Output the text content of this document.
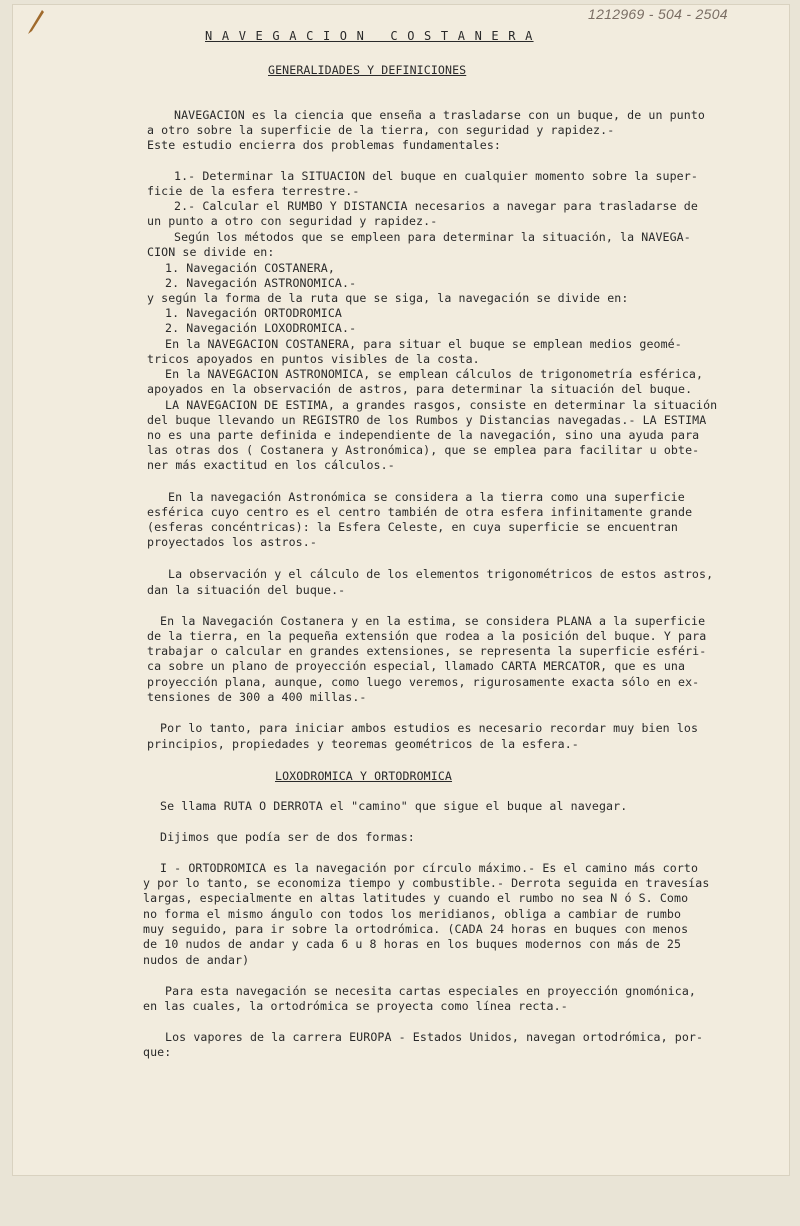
1212969 - 504 - 2504
N A V E G A C I O N   C O S T A N E R A
GENERALIDADES Y DEFINICIONES
NAVEGACION es la ciencia que enseña a trasladarse con un buque, de un punto
a otro sobre la superficie de la tierra, con seguridad y rapidez.-
Este estudio encierra dos problemas fundamentales:
1.- Determinar la SITUACION del buque en cualquier momento sobre la super-
ficie de la esfera terrestre.-
2.- Calcular el RUMBO Y DISTANCIA necesarios a navegar para trasladarse de
un punto a otro con seguridad y rapidez.-
Según los métodos que se empleen para determinar la situación, la NAVEGA-
CION se divide en:
1. Navegación COSTANERA,
2. Navegación ASTRONOMICA.-
y según la forma de la ruta que se siga, la navegación se divide en:
1. Navegación ORTODROMICA
2. Navegación LOXODROMICA.-
En la NAVEGACION COSTANERA, para situar el buque se emplean medios geomé-
tricos apoyados en puntos visibles de la costa.
En la NAVEGACION ASTRONOMICA, se emplean cálculos de trigonometría esférica,
apoyados en la observación de astros, para determinar la situación del buque.
LA NAVEGACION DE ESTIMA, a grandes rasgos, consiste en determinar la situación
del buque llevando un REGISTRO de los Rumbos y Distancias navegadas.- LA ESTIMA
no es una parte definida e independiente de la navegación, sino una ayuda para
las otras dos ( Costanera y Astronómica), que se emplea para facilitar u obte-
ner más exactitud en los cálculos.-
En la navegación Astronómica se considera a la tierra como una superficie
esférica cuyo centro es el centro también de otra esfera infinitamente grande
(esferas concéntricas): la Esfera Celeste, en cuya superficie se encuentran
proyectados los astros.-
La observación y el cálculo de los elementos trigonométricos de estos astros,
dan la situación del buque.-
En la Navegación Costanera y en la estima, se considera PLANA a la superficie
de la tierra, en la pequeña extensión que rodea a la posición del buque. Y para
trabajar o calcular en grandes extensiones, se representa la superficie esféri-
ca sobre un plano de proyección especial, llamado CARTA MERCATOR, que es una
proyección plana, aunque, como luego veremos, rigurosamente exacta sólo en ex-
tensiones de 300 a 400 millas.-
Por lo tanto, para iniciar ambos estudios es necesario recordar muy bien los
principios, propiedades y teoremas geométricos de la esfera.-
LOXODROMICA Y ORTODROMICA
Se llama RUTA O DERROTA el "camino" que sigue el buque al navegar.
Dijimos que podía ser de dos formas:
I - ORTODROMICA es la navegación por círculo máximo.- Es el camino más corto
y por lo tanto, se economiza tiempo y combustible.- Derrota seguida en travesías
largas, especialmente en altas latitudes y cuando el rumbo no sea N ó S. Como
no forma el mismo ángulo con todos los meridianos, obliga a cambiar de rumbo
muy seguido, para ir sobre la ortodrómica. (CADA 24 horas en buques con menos
de 10 nudos de andar y cada 6 u 8 horas en los buques modernos con más de 25
nudos de andar)
Para esta navegación se necesita cartas especiales en proyección gnomónica,
en las cuales, la ortodrómica se proyecta como línea recta.-
Los vapores de la carrera EUROPA - Estados Unidos, navegan ortodrómica, por-
que:
